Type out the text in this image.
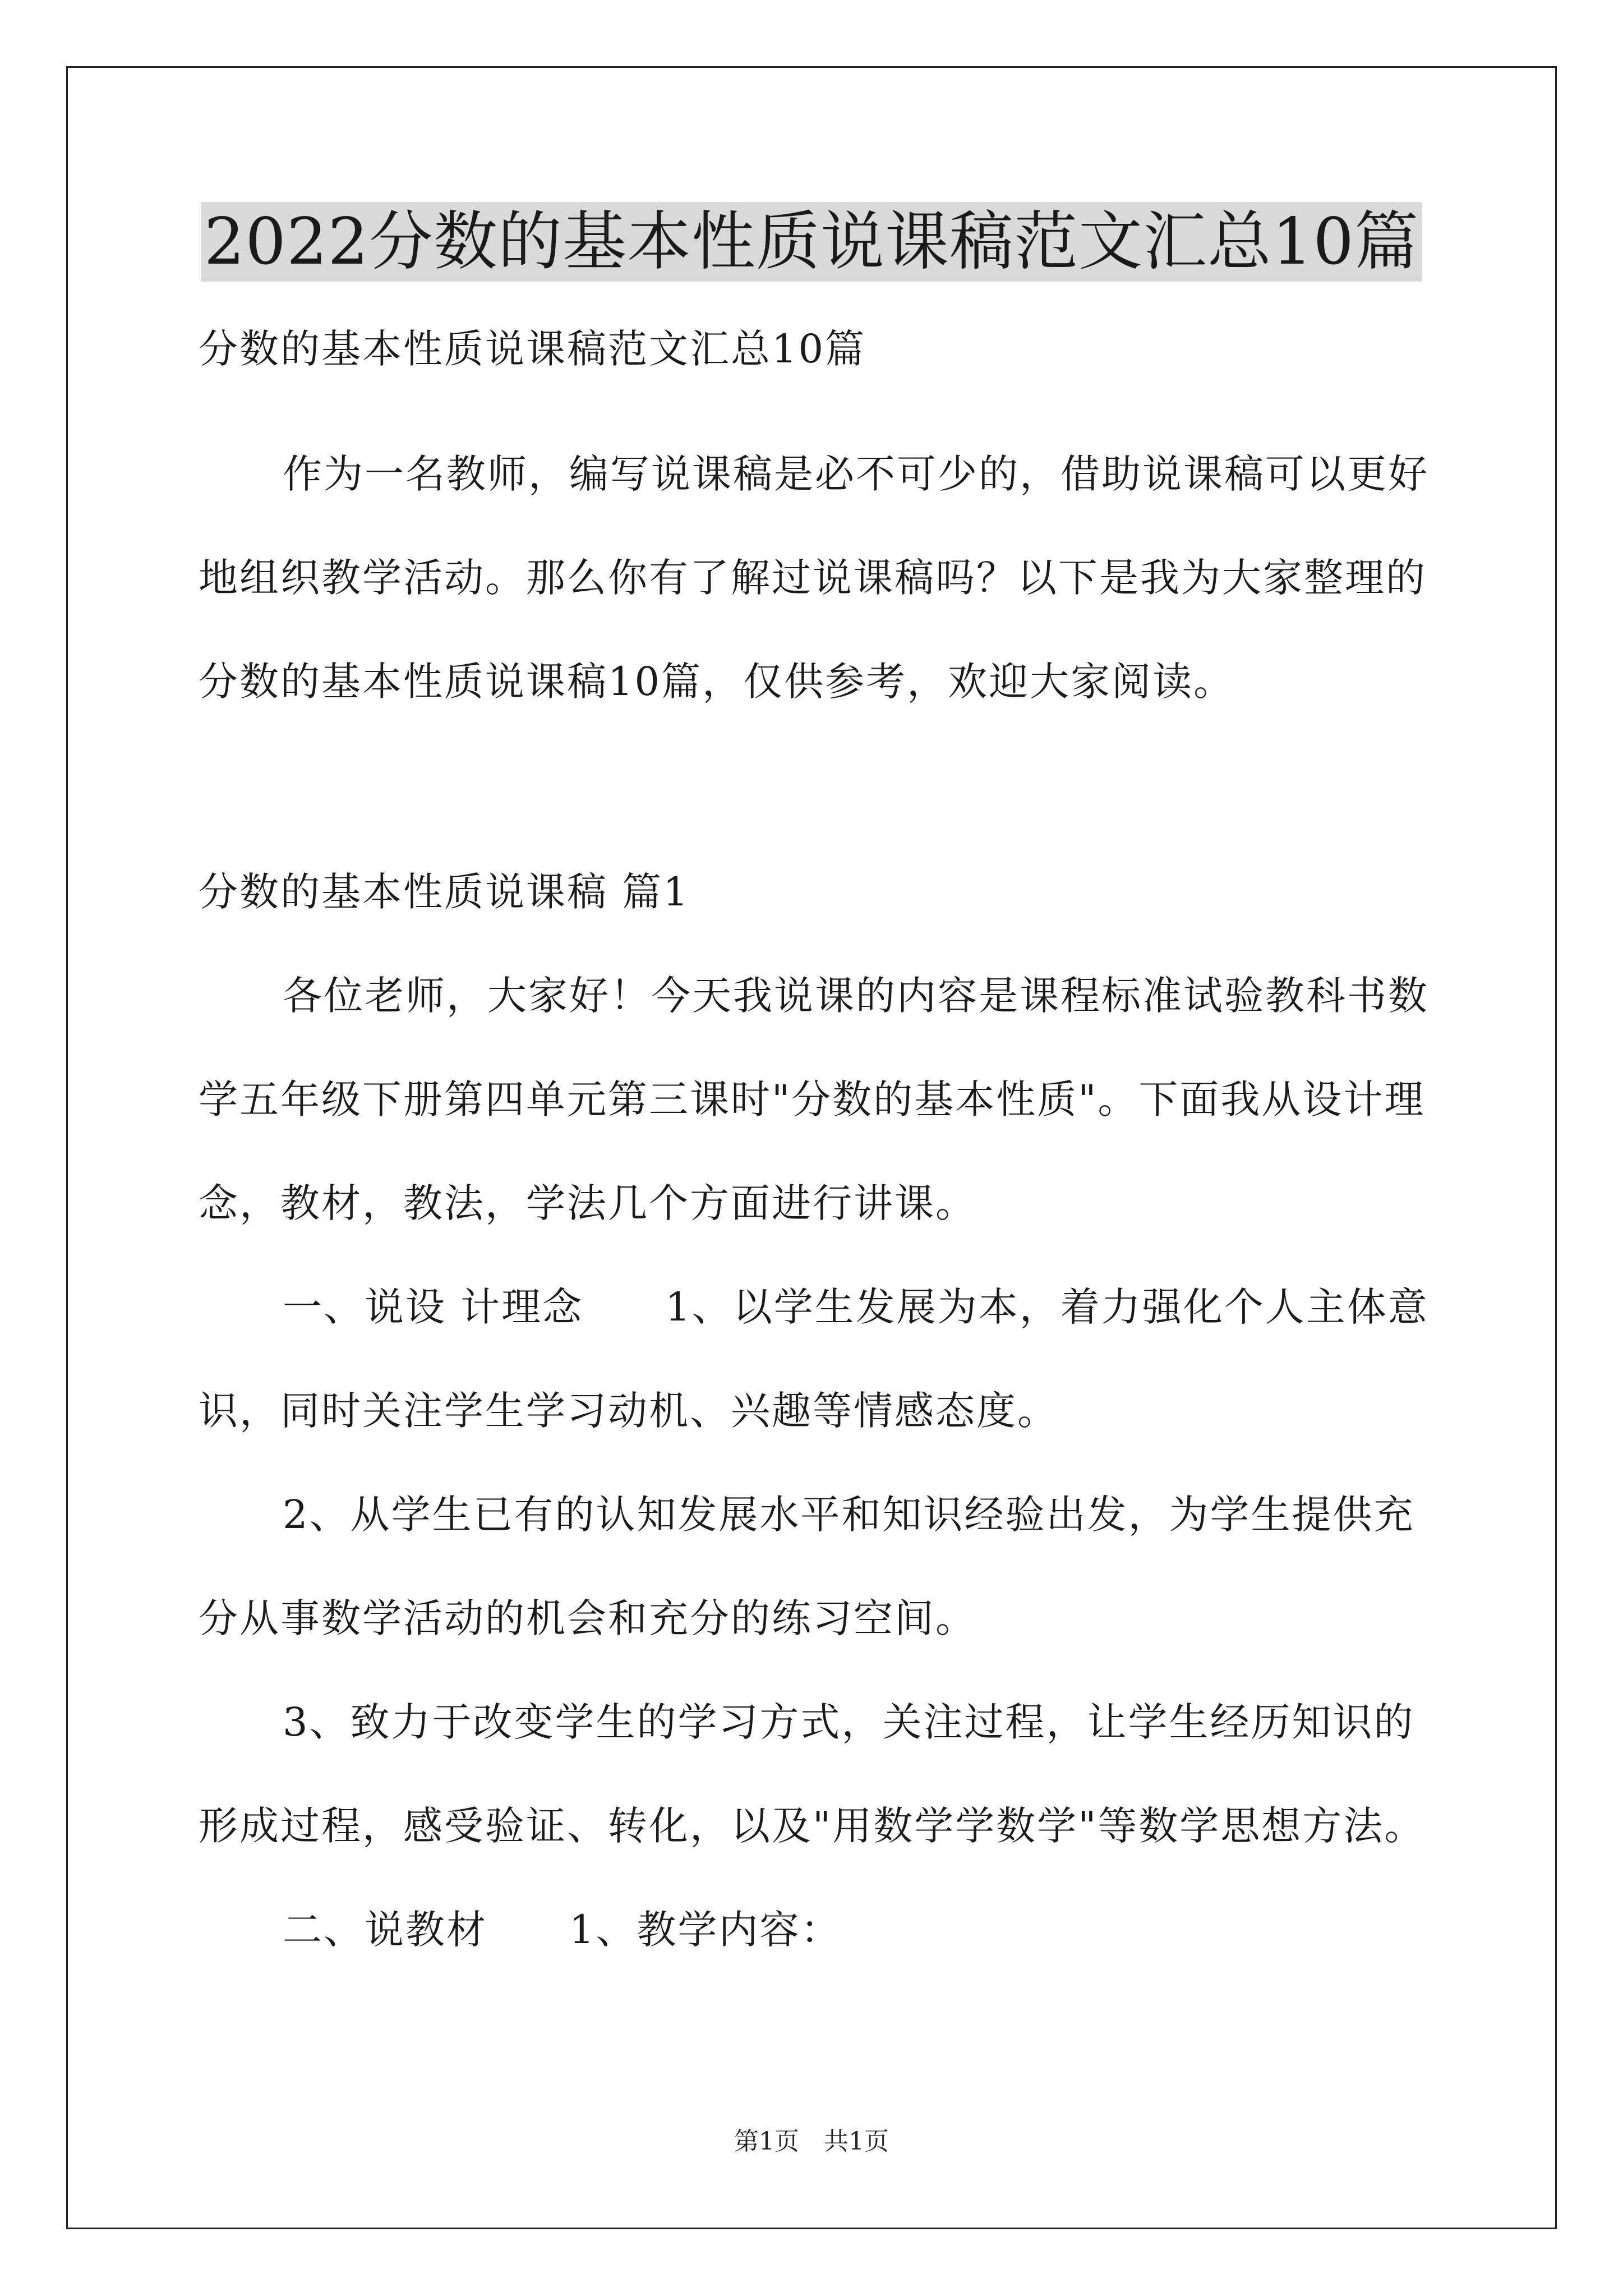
2022分数的基本性质说课稿范文汇总10篇

分数的基本性质说课稿范文汇总10篇

作为一名教师，编写说课稿是必不可少的，借助说课稿可以更好地组织教学活动。那么你有了解过说课稿吗？以下是我为大家整理的分数的基本性质说课稿10篇，仅供参考，欢迎大家阅读。

分数的基本性质说课稿 篇1

各位老师，大家好！今天我说课的内容是课程标准试验教科书数学五年级下册第四单元第三课时"分数的基本性质"。下面我从设计理念，教材，教法，学法几个方面进行讲课。

一、说设 计理念　　1、以学生发展为本，着力强化个人主体意识，同时关注学生学习动机、兴趣等情感态度。

2、从学生已有的认知发展水平和知识经验出发，为学生提供充分从事数学活动的机会和充分的练习空间。

3、致力于改变学生的学习方式，关注过程，让学生经历知识的形成过程，感受验证、转化，以及"用数学学数学"等数学思想方法。

二、说教材　　1、教学内容：

第1页　共1页
